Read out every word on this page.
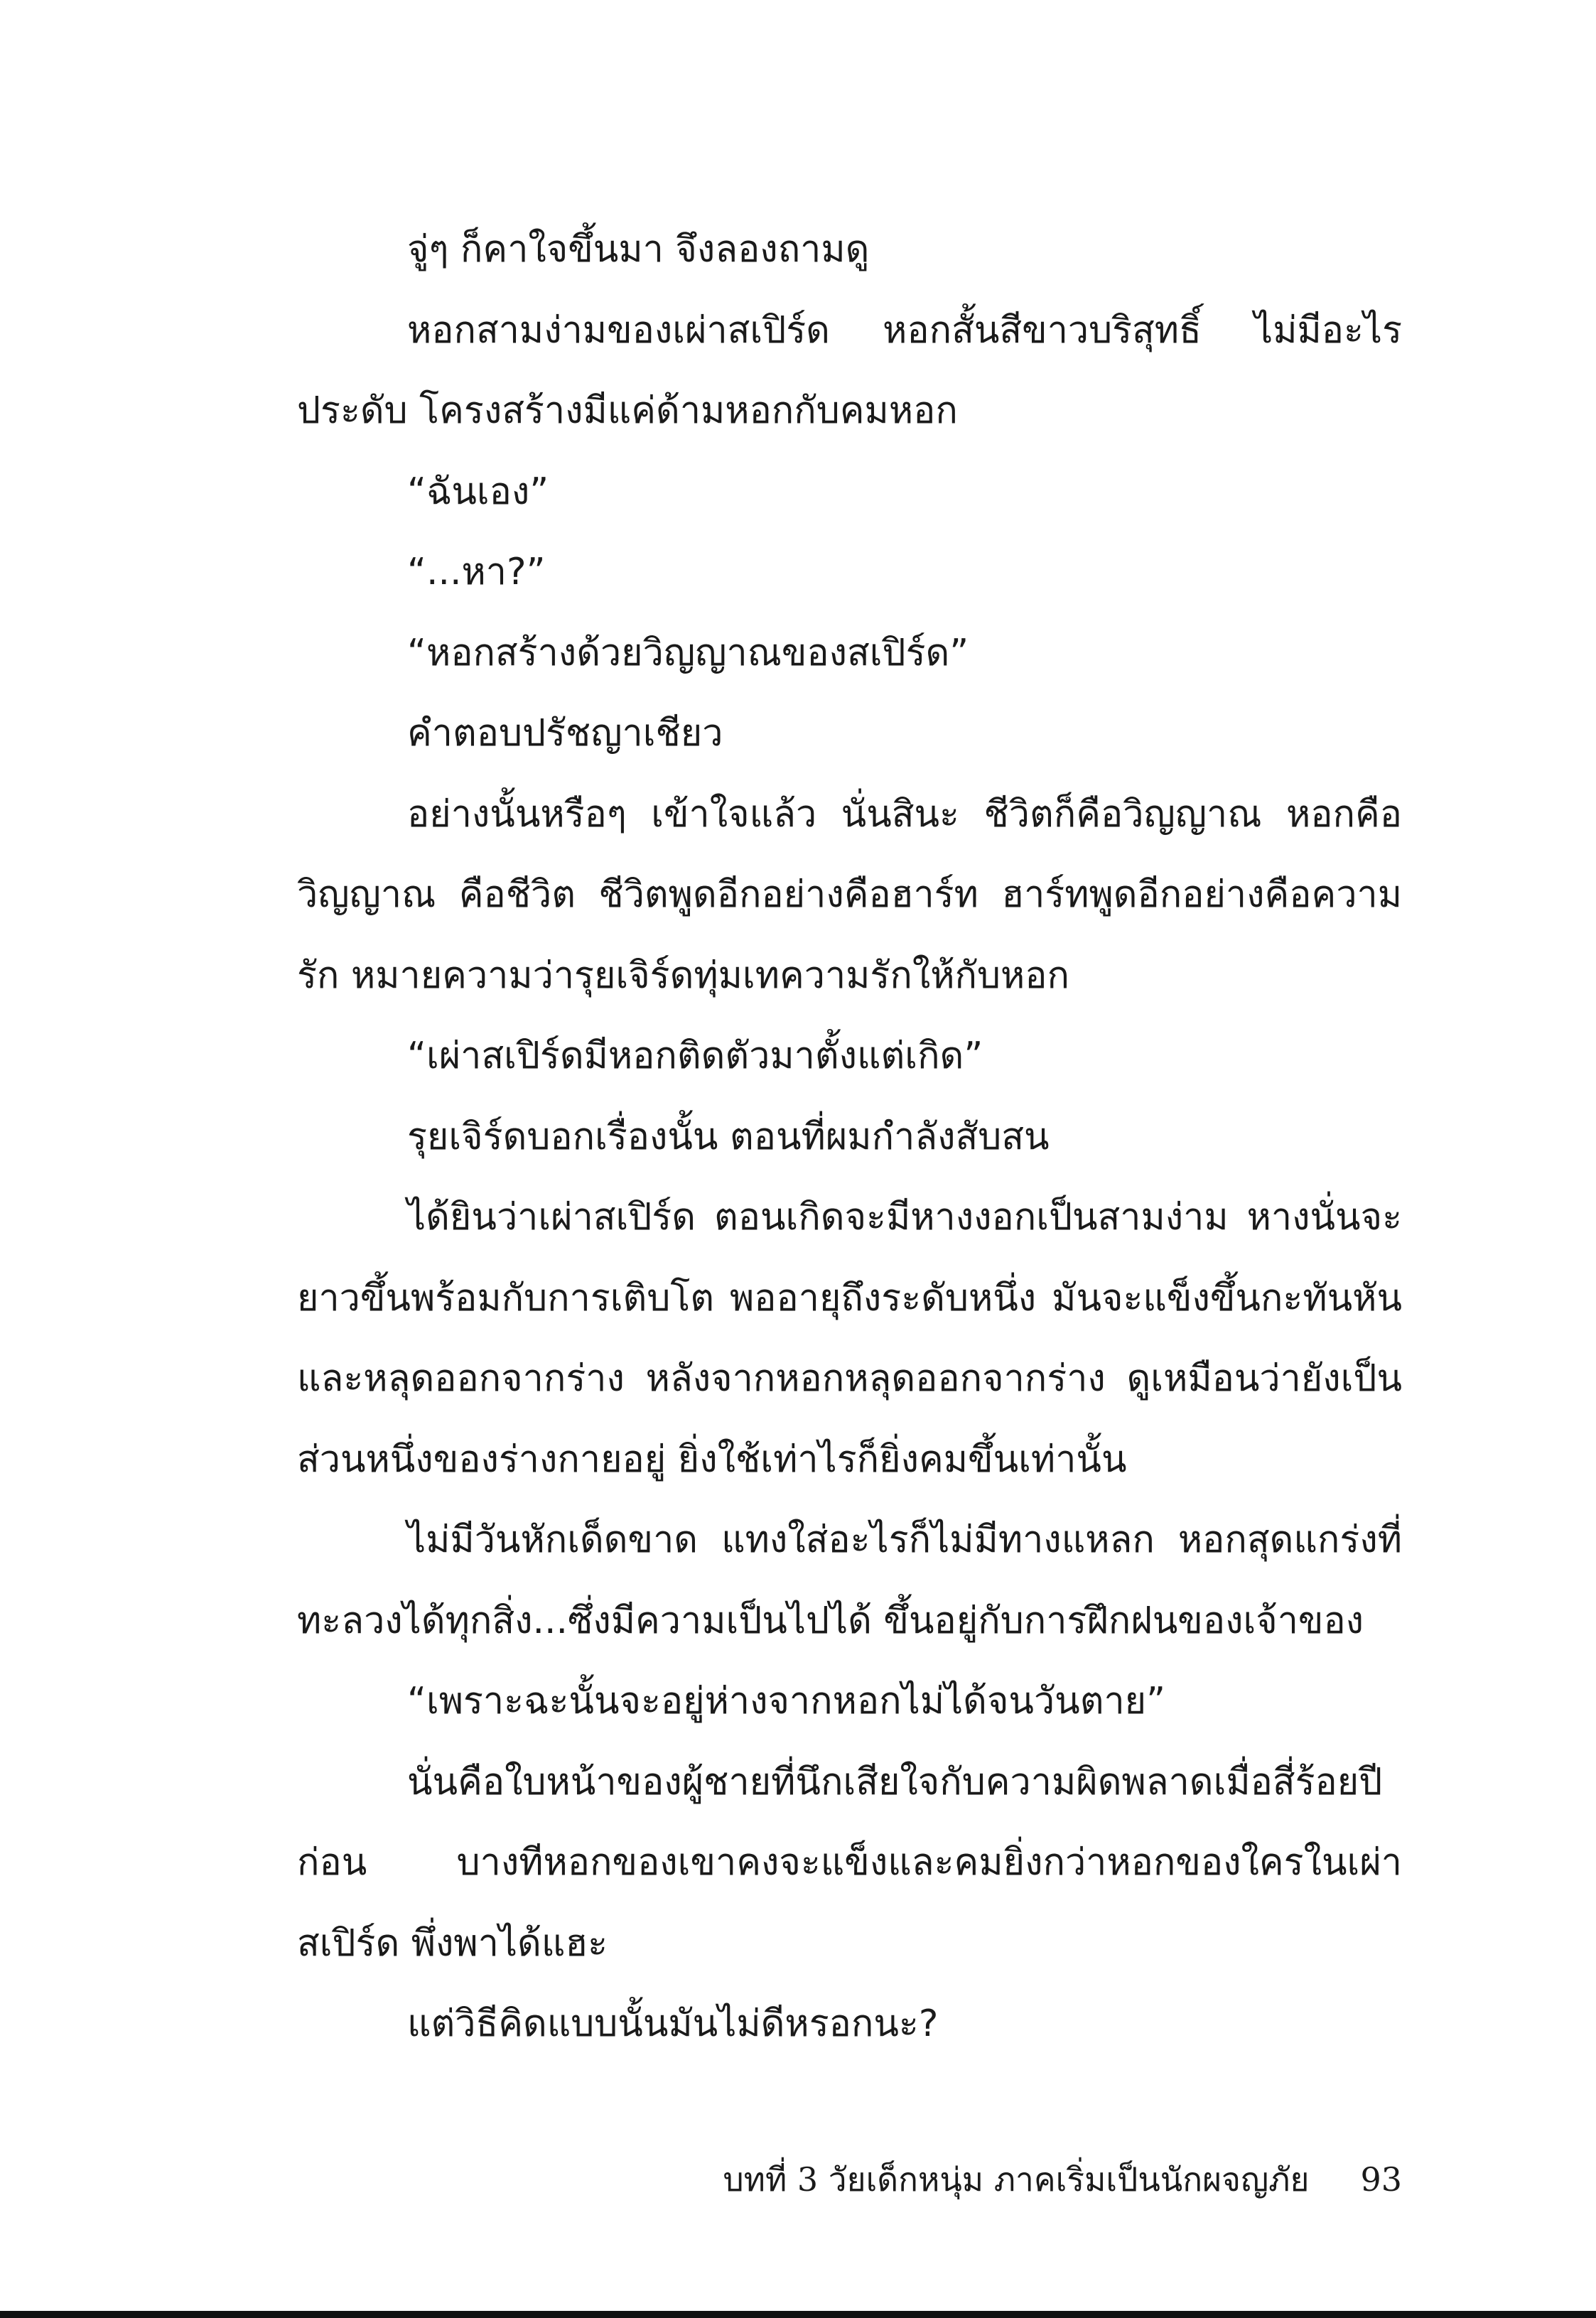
จู่ๆ ก็คาใจขึ้นมา จึงลองถามดู

หอกสามง่ามของเผ่าสเปิร์ด หอกสั้นสีขาวบริสุทธิ์ ไม่มีอะไรประดับ โครงสร้างมีแค่ด้ามหอกกับคมหอก

“ฉันเอง”

“...หา?”

“หอกสร้างด้วยวิญญาณของสเปิร์ด”

คำตอบปรัชญาเชียว

อย่างนั้นหรือๆ เข้าใจแล้ว นั่นสินะ ชีวิตก็คือวิญญาณ หอกคือ วิญญาณ คือชีวิต ชีวิตพูดอีกอย่างคือฮาร์ท ฮาร์ทพูดอีกอย่างคือความ รัก หมายความว่ารุยเจิร์ดทุ่มเทความรักให้กับหอก

“เผ่าสเปิร์ดมีหอกติดตัวมาตั้งแต่เกิด”

รุยเจิร์ดบอกเรื่องนั้น ตอนที่ผมกำลังสับสน

ได้ยินว่าเผ่าสเปิร์ด ตอนเกิดจะมีหางงอกเป็นสามง่าม หางนั่นจะ ยาวขึ้นพร้อมกับการเติบโต พออายุถึงระดับหนึ่ง มันจะแข็งขึ้นกะทันหัน และหลุดออกจากร่าง หลังจากหอกหลุดออกจากร่าง ดูเหมือนว่ายังเป็น ส่วนหนึ่งของร่างกายอยู่ ยิ่งใช้เท่าไรก็ยิ่งคมขึ้นเท่านั้น

ไม่มีวันหักเด็ดขาด แทงใส่อะไรก็ไม่มีทางแหลก หอกสุดแกร่งที่ ทะลวงได้ทุกสิ่ง...ซึ่งมีความเป็นไปได้ ขึ้นอยู่กับการฝึกฝนของเจ้าของ

“เพราะฉะนั้นจะอยู่ห่างจากหอกไม่ได้จนวันตาย”

นั่นคือใบหน้าของผู้ชายที่นึกเสียใจกับความผิดพลาดเมื่อสี่ร้อยปี ก่อน บางทีหอกของเขาคงจะแข็งและคมยิ่งกว่าหอกของใครในเผ่าสเปิร์ด พึ่งพาได้แฮะ

แต่วิธีคิดแบบนั้นมันไม่ดีหรอกนะ?

บทที่ 3 วัยเด็กหนุ่ม ภาคเริ่มเป็นนักผจญภัย 93
